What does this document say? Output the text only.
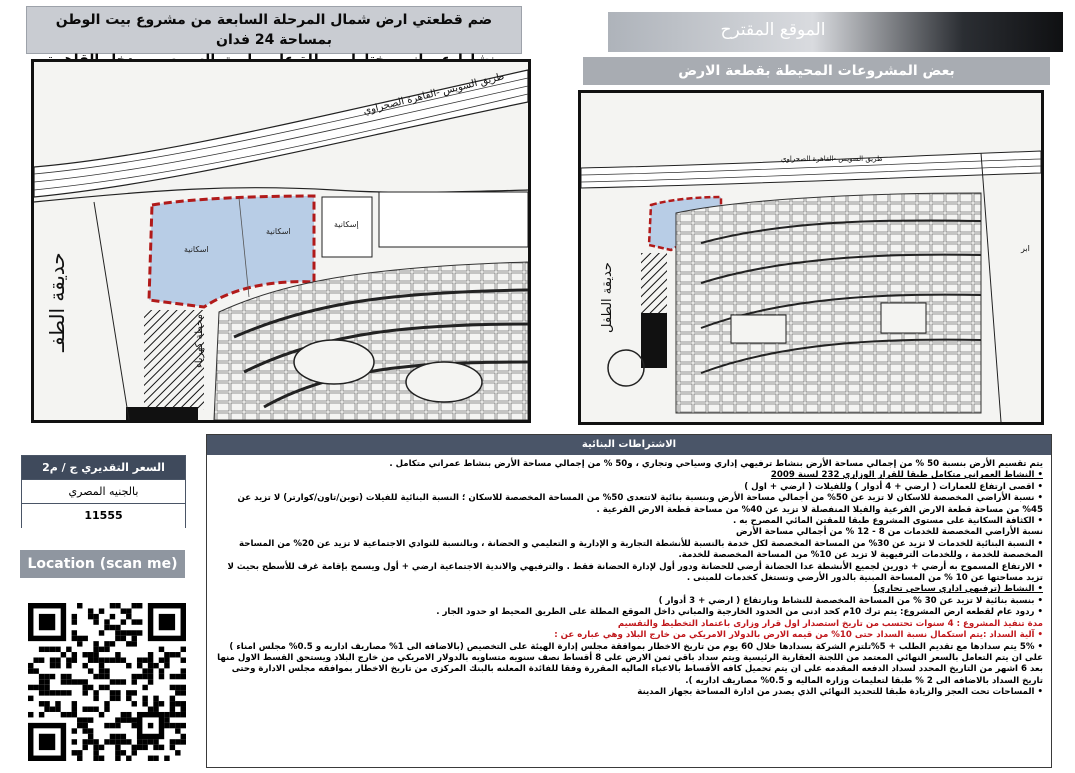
ضم قطعتي ارض شمال المرحلة السابعة من مشروع بيت الوطن بمساحة 24 فدان	الموقع المقترح
بعض المشروعات المحيطة بقطعة الارض
طريق السويس -القاهرة الصحراوي
اسكانية
اسكانية
إسكانية
محطة كهرباء
حديقة الطفـ
طريق السويس -القاهرة الصحراوي
حديقة الطفل
ابر
السعر التقديري ج / م2
بالجنيه المصري
11555
Location (scan me)
الاشتراطات البنائية

يتم تقسيم الأرض بنسبة 50 % من إجمالي مساحة الأرض بنشاط ترفيهي إداري وسياحي وتجاري ، و50 % من إجمالي مساحة الأرض بنشاط عمراني متكامل .

• النشاط العمراني متكامل طبقا للقرار الوزاري 232 لسنة 2009

• اقصى ارتفاع للعمارات ( ارضي + 4 أدوار ) وللفيلات ( ارضي + اول )

• نسبة الأراضي المخصصة للاسكان لا تزيد عن 50% من أجمالي مساحة الأرض وبنسبة بنائية لاتتعدى 50% من المساحة المخصصة للاسكان ؛ النسبة البنائية للفيلات (توين/تاون/كوارتر) لا تزيد عن 45% من مساحة قطعة الارض الفرعية والفيلا المنفصلة لا تزيد عن 40% من مساحة قطعة الارض الفرعية .

• الكثافة السكانية على مستوى المشروع طبقا للمقتن المائي المصرح به .

نسبة الأراضي المخصصة للخدمات من 8 - 12 % من أجمالي مساحة الأرض

• النسبة البنائية للخدمات لا تزيد عن 30% من المساحة المخصصة لكل خدمة بالنسبة للأنشطة التجارية و الإدارية و التعليمي و الحضانة ، وبالنسبة للنوادي الاجتماعية لا تزيد عن 20% من المساحة المخصصة للخدمة ، وللخدمات الترفيهية لا تزيد عن 10% من المساحة المخصصة للخدمة.

• الارتفاع المسموح به أرضي + دورين لجميع الأنشطة عدا الحضانة أرضي للحضانة ودور أول لإدارة الحضانة فقط . والترفيهي والاندية الاجتماعية ارضي + أول ويسمح بإقامة غرف للأسطح بحيث لا تزيد مساحتها عن 10 % من المساحة المبنية بالدور الأرضي وتستغل كخدمات للمبنى .

• النشاط (ترفيهي اداري سياحي تجاري)

• بنسبة بنائية لا تزيد عن 30 % من المساحة المخصصة للنشاط وبارتفاع ( ارضي + 3 أدوار )

• ردود عام لقطعه ارض المشروع: يتم ترك 10م كحد ادنى من الحدود الخارجية والمباني داخل الموقع المطلة على الطريق المحيط او حدود الجار .

مدة تنفيذ المشروع : 4 سنوات تحتسب من تاريخ استصدار اول قرار وزارى باعتماد التخطيط والتقسيم

• آلية السداد :يتم استكمال نسبة السداد حتى 10% من قيمه الارض بالدولار الامريكي من خارج البلاد وهي عباره عن :

• 5% يتم سدادها مع تقديم الطلب + 5%تلتزم الشركة بسدادها خلال 60 يوم من تاريخ الاخطار بموافقة مجلس إدارة الهيئة على التخصيص (بالاضافه الى 1% مصاريف اداريه و 0.5% مجلس امناء ) على ان يتم التعامل بالسعر النهائي المعتمد من اللجنة العقارية الرئيسية ويتم سداد باقي ثمن الارض على 8 أقساط نصف سنويه متساويه بالدولار الامريكي من خارج البلاد ويستحق القسط الاول منها بعد 6 اشهر من التاريخ المحدد لسداد الدفعه المقدمه على ان يتم تحميل كافه الأقساط بالاعباء الماليه المقررة وفقا للفائدة المعلنه بالبنك المركزى من تاريخ الاخطار بموافقه مجلس الادارة وحتى تاريخ السداد بالاضافه الى 2 % طبقا لتعليمات وزاره الماليه و 0.5% مصاريف اداريه ).

• المساحات تحت العجز والزيادة طبقا للتحديد النهائي الذي يصدر من ادارة المساحة بجهاز المدينة
